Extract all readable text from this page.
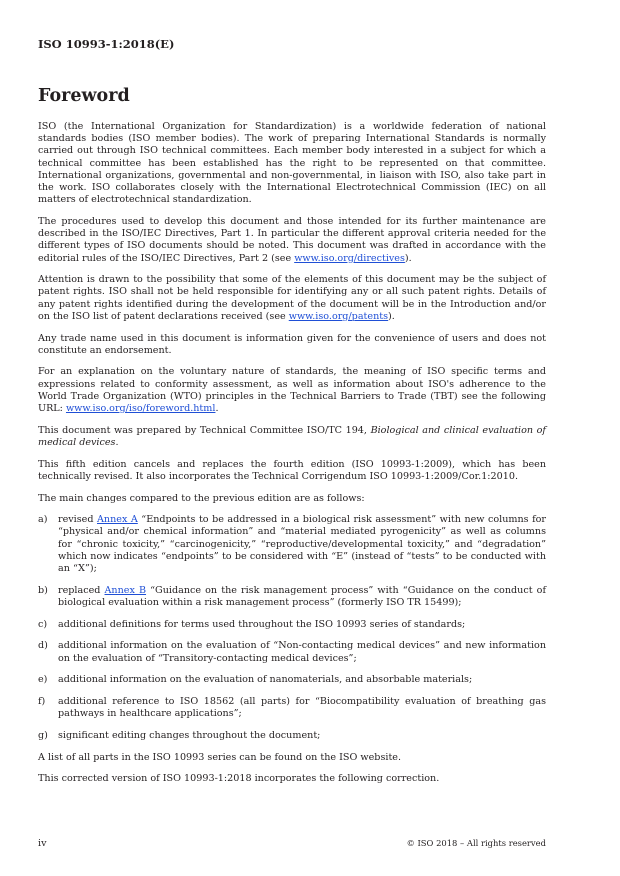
ISO 10993-1:2018(E)
Foreword

ISO (the International Organization for Standardization) is a worldwide federation of national standards bodies (ISO member bodies). The work of preparing International Standards is normally carried out through ISO technical committees. Each member body interested in a subject for which a technical committee has been established has the right to be represented on that committee. International organizations, governmental and non-governmental, in liaison with ISO, also take part in the work. ISO collaborates closely with the International Electrotechnical Commission (IEC) on all matters of electrotechnical standardization.

The procedures used to develop this document and those intended for its further maintenance are described in the ISO/IEC Directives, Part 1. In particular the different approval criteria needed for the different types of ISO documents should be noted. This document was drafted in accordance with the editorial rules of the ISO/IEC Directives, Part 2 (see www.iso.org/directives).

Attention is drawn to the possibility that some of the elements of this document may be the subject of patent rights. ISO shall not be held responsible for identifying any or all such patent rights. Details of any patent rights identified during the development of the document will be in the Introduction and/or on the ISO list of patent declarations received (see www.iso.org/patents).

Any trade name used in this document is information given for the convenience of users and does not constitute an endorsement.

For an explanation on the voluntary nature of standards, the meaning of ISO specific terms and expressions related to conformity assessment, as well as information about ISO's adherence to the World Trade Organization (WTO) principles in the Technical Barriers to Trade (TBT) see the following URL: www.iso.org/iso/foreword.html.

This document was prepared by Technical Committee ISO/TC 194, Biological and clinical evaluation of medical devices.

This fifth edition cancels and replaces the fourth edition (ISO 10993-1:2009), which has been technically revised. It also incorporates the Technical Corrigendum ISO 10993-1:2009/Cor.1:2010.

The main changes compared to the previous edition are as follows:

a)	revised Annex A “Endpoints to be addressed in a biological risk assessment” with new columns for “physical and/or chemical information” and “material mediated pyrogenicity” as well as columns for “chronic toxicity,” “carcinogenicity,” “reproductive/developmental toxicity,” and “degradation” which now indicates “endpoints” to be considered with “E” (instead of “tests” to be conducted with an “X”);
b)	replaced Annex B “Guidance on the risk management process” with “Guidance on the conduct of biological evaluation within a risk management process” (formerly ISO TR 15499);
c)	additional definitions for terms used throughout the ISO 10993 series of standards;
d)	additional information on the evaluation of “Non-contacting medical devices” and new information on the evaluation of “Transitory-contacting medical devices”;
e)	additional information on the evaluation of nanomaterials, and absorbable materials;
f)	additional reference to ISO 18562 (all parts) for “Biocompatibility evaluation of breathing gas pathways in healthcare applications”;
g)	significant editing changes throughout the document;

A list of all parts in the ISO 10993 series can be found on the ISO website.

This corrected version of ISO 10993-1:2018 incorporates the following correction.

iv	© ISO 2018 – All rights reserved
